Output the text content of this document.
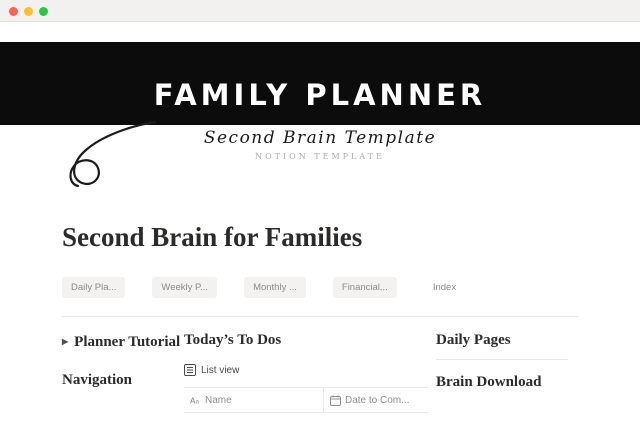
FAMILY PLANNER
Second Brain Template
NOTION TEMPLATE
Second Brain for Families
Daily Pla...	Weekly P...	Monthly ...	Financial...	Index
▶ Planner Tutorial
Navigation
Today’s To Dos
List view
A a Name	Date to Com...
Daily Pages
Brain Download
